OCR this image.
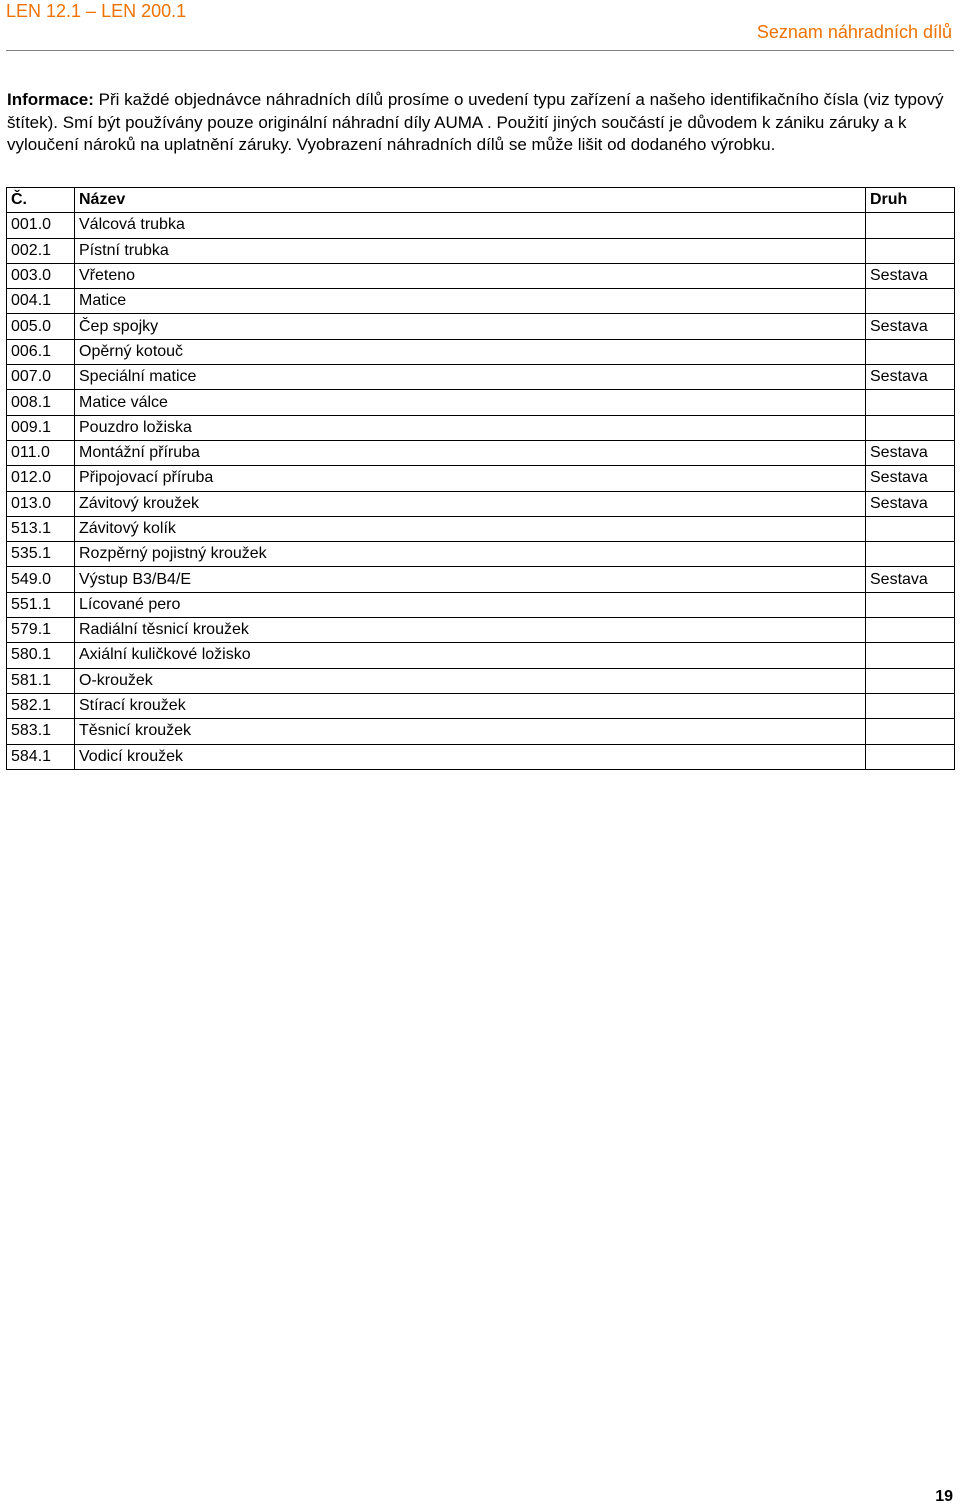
LEN 12.1 – LEN 200.1
Seznam náhradních dílů
Informace: Při každé objednávce náhradních dílů prosíme o uvedení typu zařízení a našeho identifikačního čísla (viz typový štítek). Smí být používány pouze originální náhradní díly AUMA . Použití jiných součástí je důvodem k zániku záruky a k vyloučení nároků na uplatnění záruky. Vyobrazení náhradních dílů se může lišit od dodaného výrobku.
Č.	Název	Druh
001.0	Válcová trubka	
002.1	Pístní trubka	
003.0	Vřeteno	Sestava
004.1	Matice	
005.0	Čep spojky	Sestava
006.1	Opěrný kotouč	
007.0	Speciální matice	Sestava
008.1	Matice válce	
009.1	Pouzdro ložiska	
011.0	Montážní příruba	Sestava
012.0	Připojovací příruba	Sestava
013.0	Závitový kroužek	Sestava
513.1	Závitový kolík	
535.1	Rozpěrný pojistný kroužek	
549.0	Výstup B3/B4/E	Sestava
551.1	Lícované pero	
579.1	Radiální těsnicí kroužek	
580.1	Axiální kuličkové ložisko	
581.1	O-kroužek	
582.1	Stírací kroužek	
583.1	Těsnicí kroužek	
584.1	Vodicí kroužek	
19
